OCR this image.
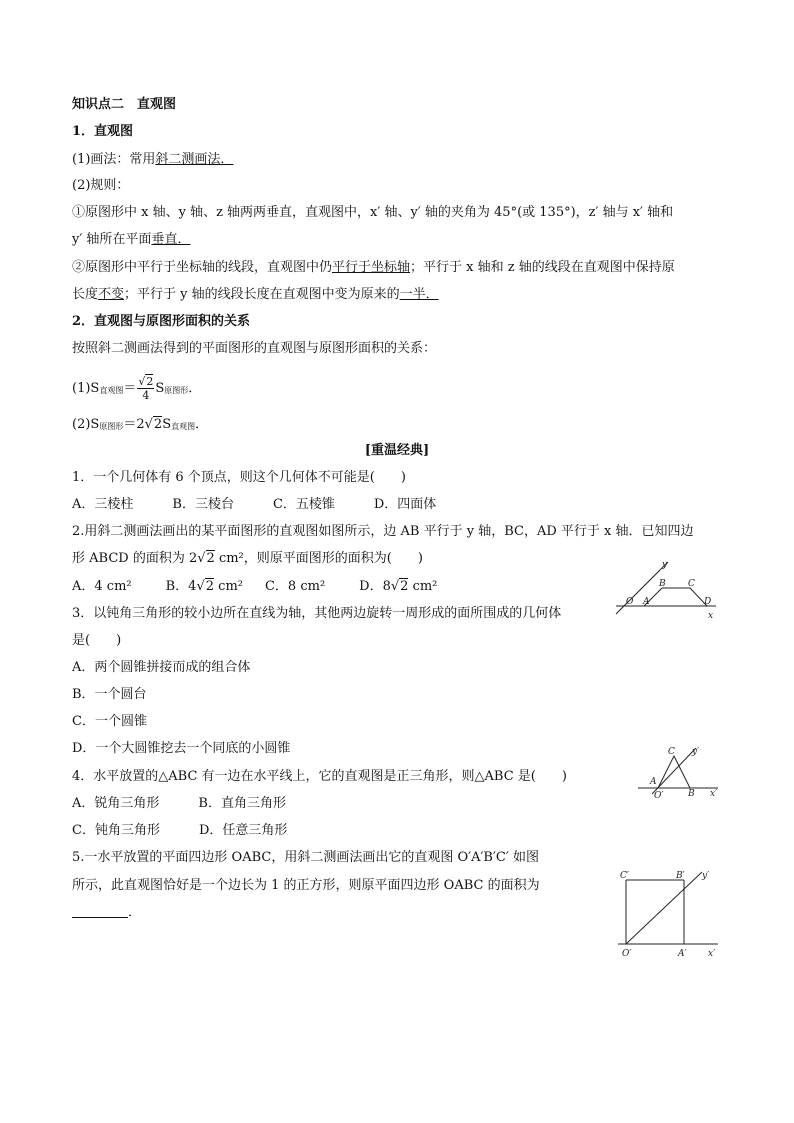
知识点二　直观图
1．直观图
(1)画法：常用斜二测画法．
(2)规则：
①原图形中 x 轴、y 轴、z 轴两两垂直，直观图中，x′ 轴、y′ 轴的夹角为 45°(或 135°)，z′ 轴与 x′ 轴和
y′ 轴所在平面垂直．
②原图形中平行于坐标轴的线段，直观图中仍平行于坐标轴；平行于 x 轴和 z 轴的线段在直观图中保持原
长度不变；平行于 y 轴的线段长度在直观图中变为原来的一半．
2．直观图与原图形面积的关系
按照斜二测画法得到的平面图形的直观图与原图形面积的关系：
(1)S直观图＝ $\frac{√2}{4}$ S原图形．
(2)S原图形＝2√2S直观图．
[重温经典]
1．一个几何体有 6 个顶点，则这个几何体不可能是(　　)
A．三棱柱　　　B．三棱台　　　C．五棱锥　　　D．四面体
2.用斜二测画法画出的某平面图形的直观图如图所示，边 AB 平行于 y 轴，BC，AD 平行于 x 轴．已知四边
形 ABCD 的面积为 2√2 cm²，则原平面图形的面积为(　　)
A．4 cm²	B．4√2 cm² C．8 cm²	D．8√2 cm²
3．以钝角三角形的较小边所在直线为轴，其他两边旋转一周形成的面所围成的几何体
是(　　)
A．两个圆锥拼接而成的组合体
B．一个圆台
C．一个圆锥
D．一个大圆锥挖去一个同底的小圆锥
4．水平放置的△ABC 有一边在水平线上，它的直观图是正三角形，则△ABC 是(　　)
A．锐角三角形　　　B．直角三角形
C．钝角三角形　　　D．任意三角形
5.一水平放置的平面四边形 OABC，用斜二测画法画出它的直观图 O′A′B′C′ 如图
所示，此直观图恰好是一个边长为 1 的正方形，则原平面四边形 OABC 的面积为
．
y
B C
O A	D
x
C y′
A
O′	B x′
C′	B′ y′
O′	A′ x′
